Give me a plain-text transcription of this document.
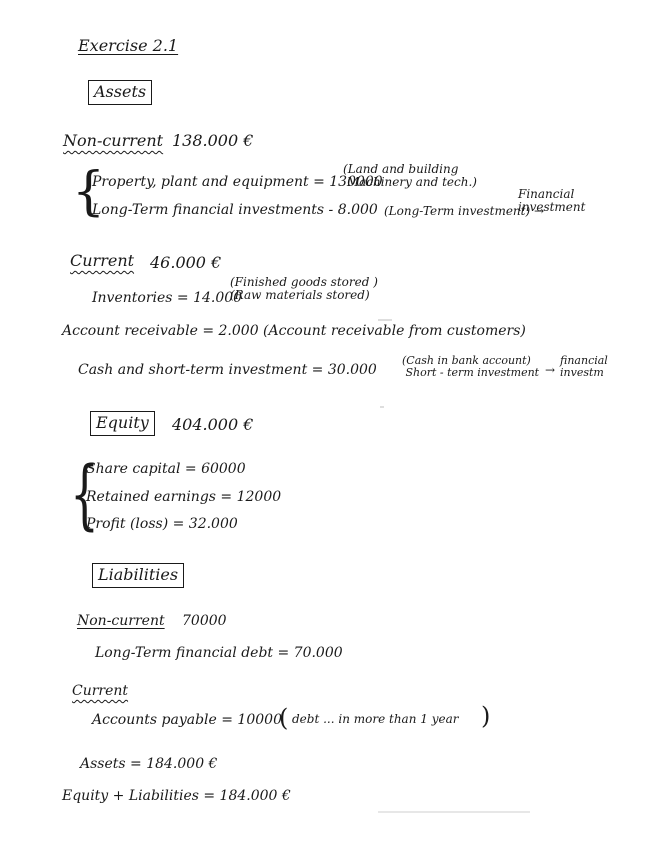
Exercise 2.1
Assets
Non-current 138.000 €
{
Property, plant and equipment = 130000
(Land and building
Machinery and tech.)
Long-Term financial investments - 8.000 (Long-Term investment) →
Financial
investment
Current 46.000 €
Inventories = 14.000
(Finished goods stored )
(Raw materials stored)
Account receivable = 2.000 (Account receivable from customers)
Cash and short-term investment = 30.000
(Cash in bank account)
Short - term investment →
financial
investm
Equity	404.000 €
{
Share capital = 60000
Retained earnings = 12000
Profit (loss) = 32.000
Liabilities
Non-current 70000
Long-Term financial debt = 70.000
Current
Accounts payable = 10000
( debt ... in more than 1 year )
Assets = 184.000 €
Equity + Liabilities = 184.000 €
